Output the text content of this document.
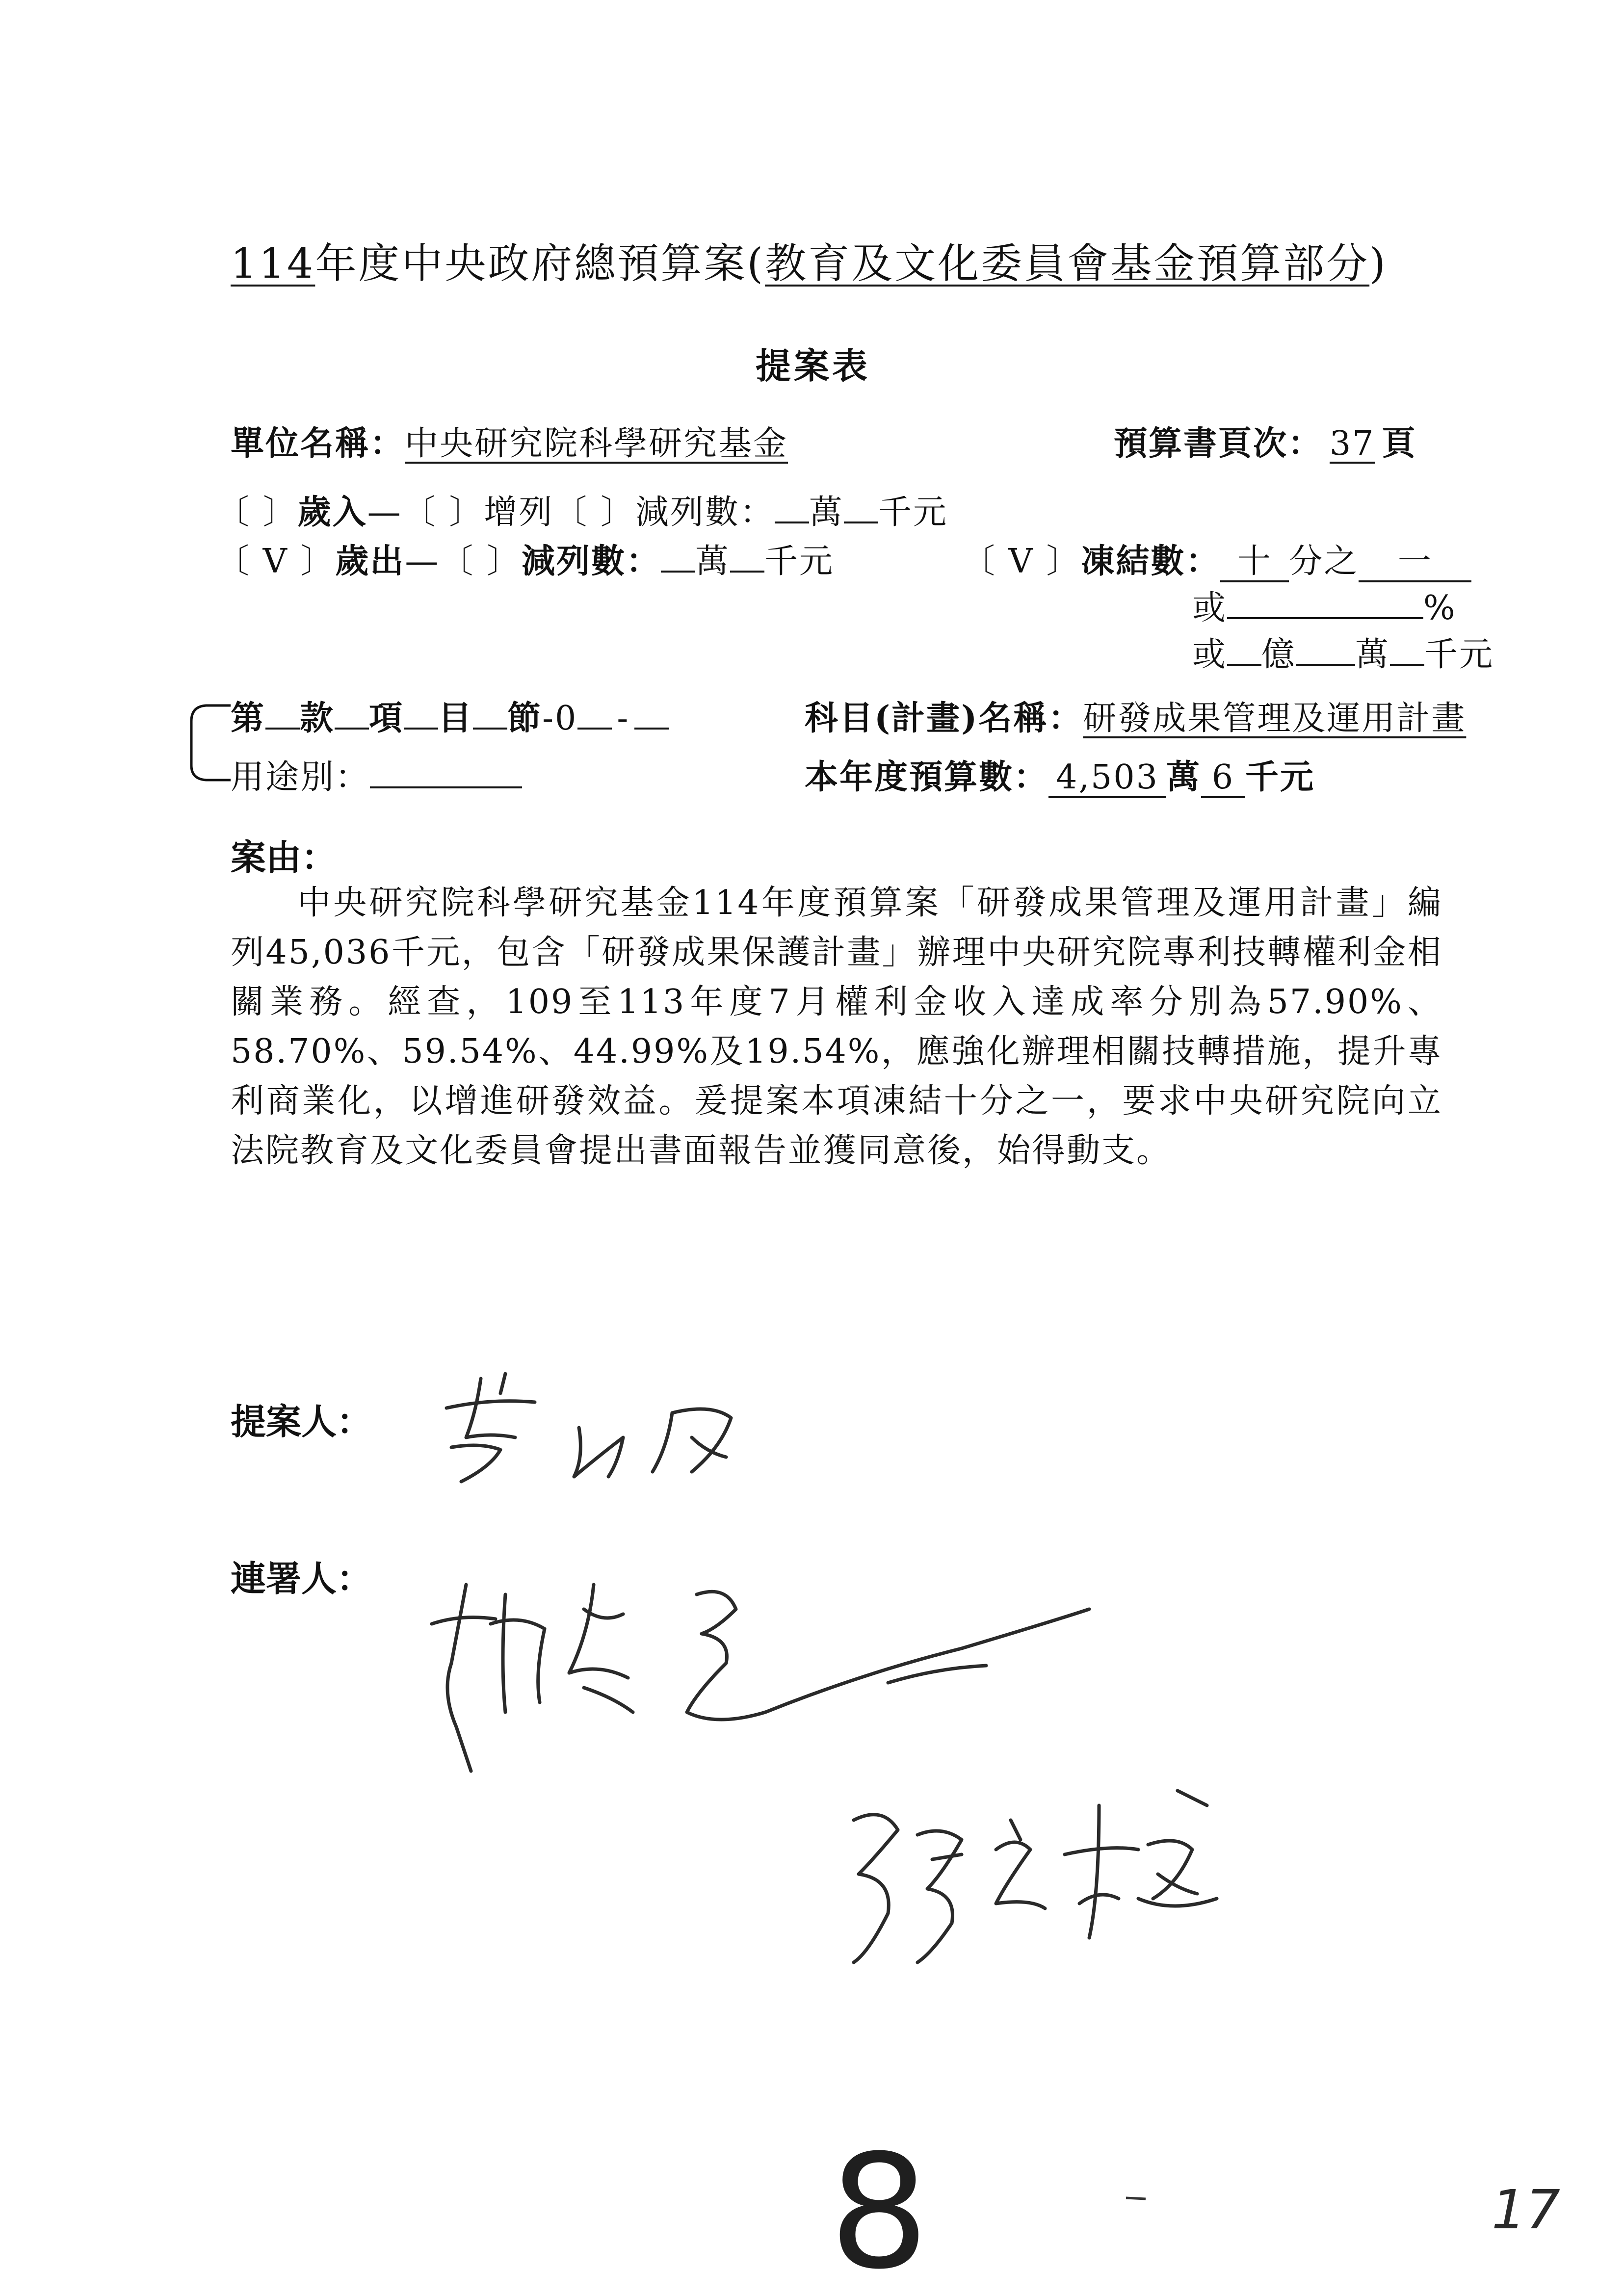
114年度中央政府總預算案(教育及文化委員會基金預算部分)
提案表
單位名稱：中央研究院科學研究基金	預算書頁次： 37 頁
〔 〕歲入—〔 〕增列〔 〕減列數： 萬 千元
〔 V 〕歲出—〔 〕減列數： 萬 千元	〔 V 〕凍結數： 十 分之 一
或	%
或 億 萬 千元
第 款 項 目 節-0 -	科目(計畫)名稱：研發成果管理及運用計畫
用途別：	本年度預算數： 4,503 萬 6 千元
案由：
中央研究院科學研究基金114年度預算案「研發成果管理及運用計畫」編列45,036千元，包含「研發成果保護計畫」辦理中央研究院專利技轉權利金相關業務。經查，109至113年度7月權利金收入達成率分別為57.90%、58.70%、59.54%、44.99%及19.54%，應強化辦理相關技轉措施，提升專利商業化，以增進研發效益。爰提案本項凍結十分之一，要求中央研究院向立法院教育及文化委員會提出書面報告並獲同意後，始得動支。
提案人：
連署人：
8	17
